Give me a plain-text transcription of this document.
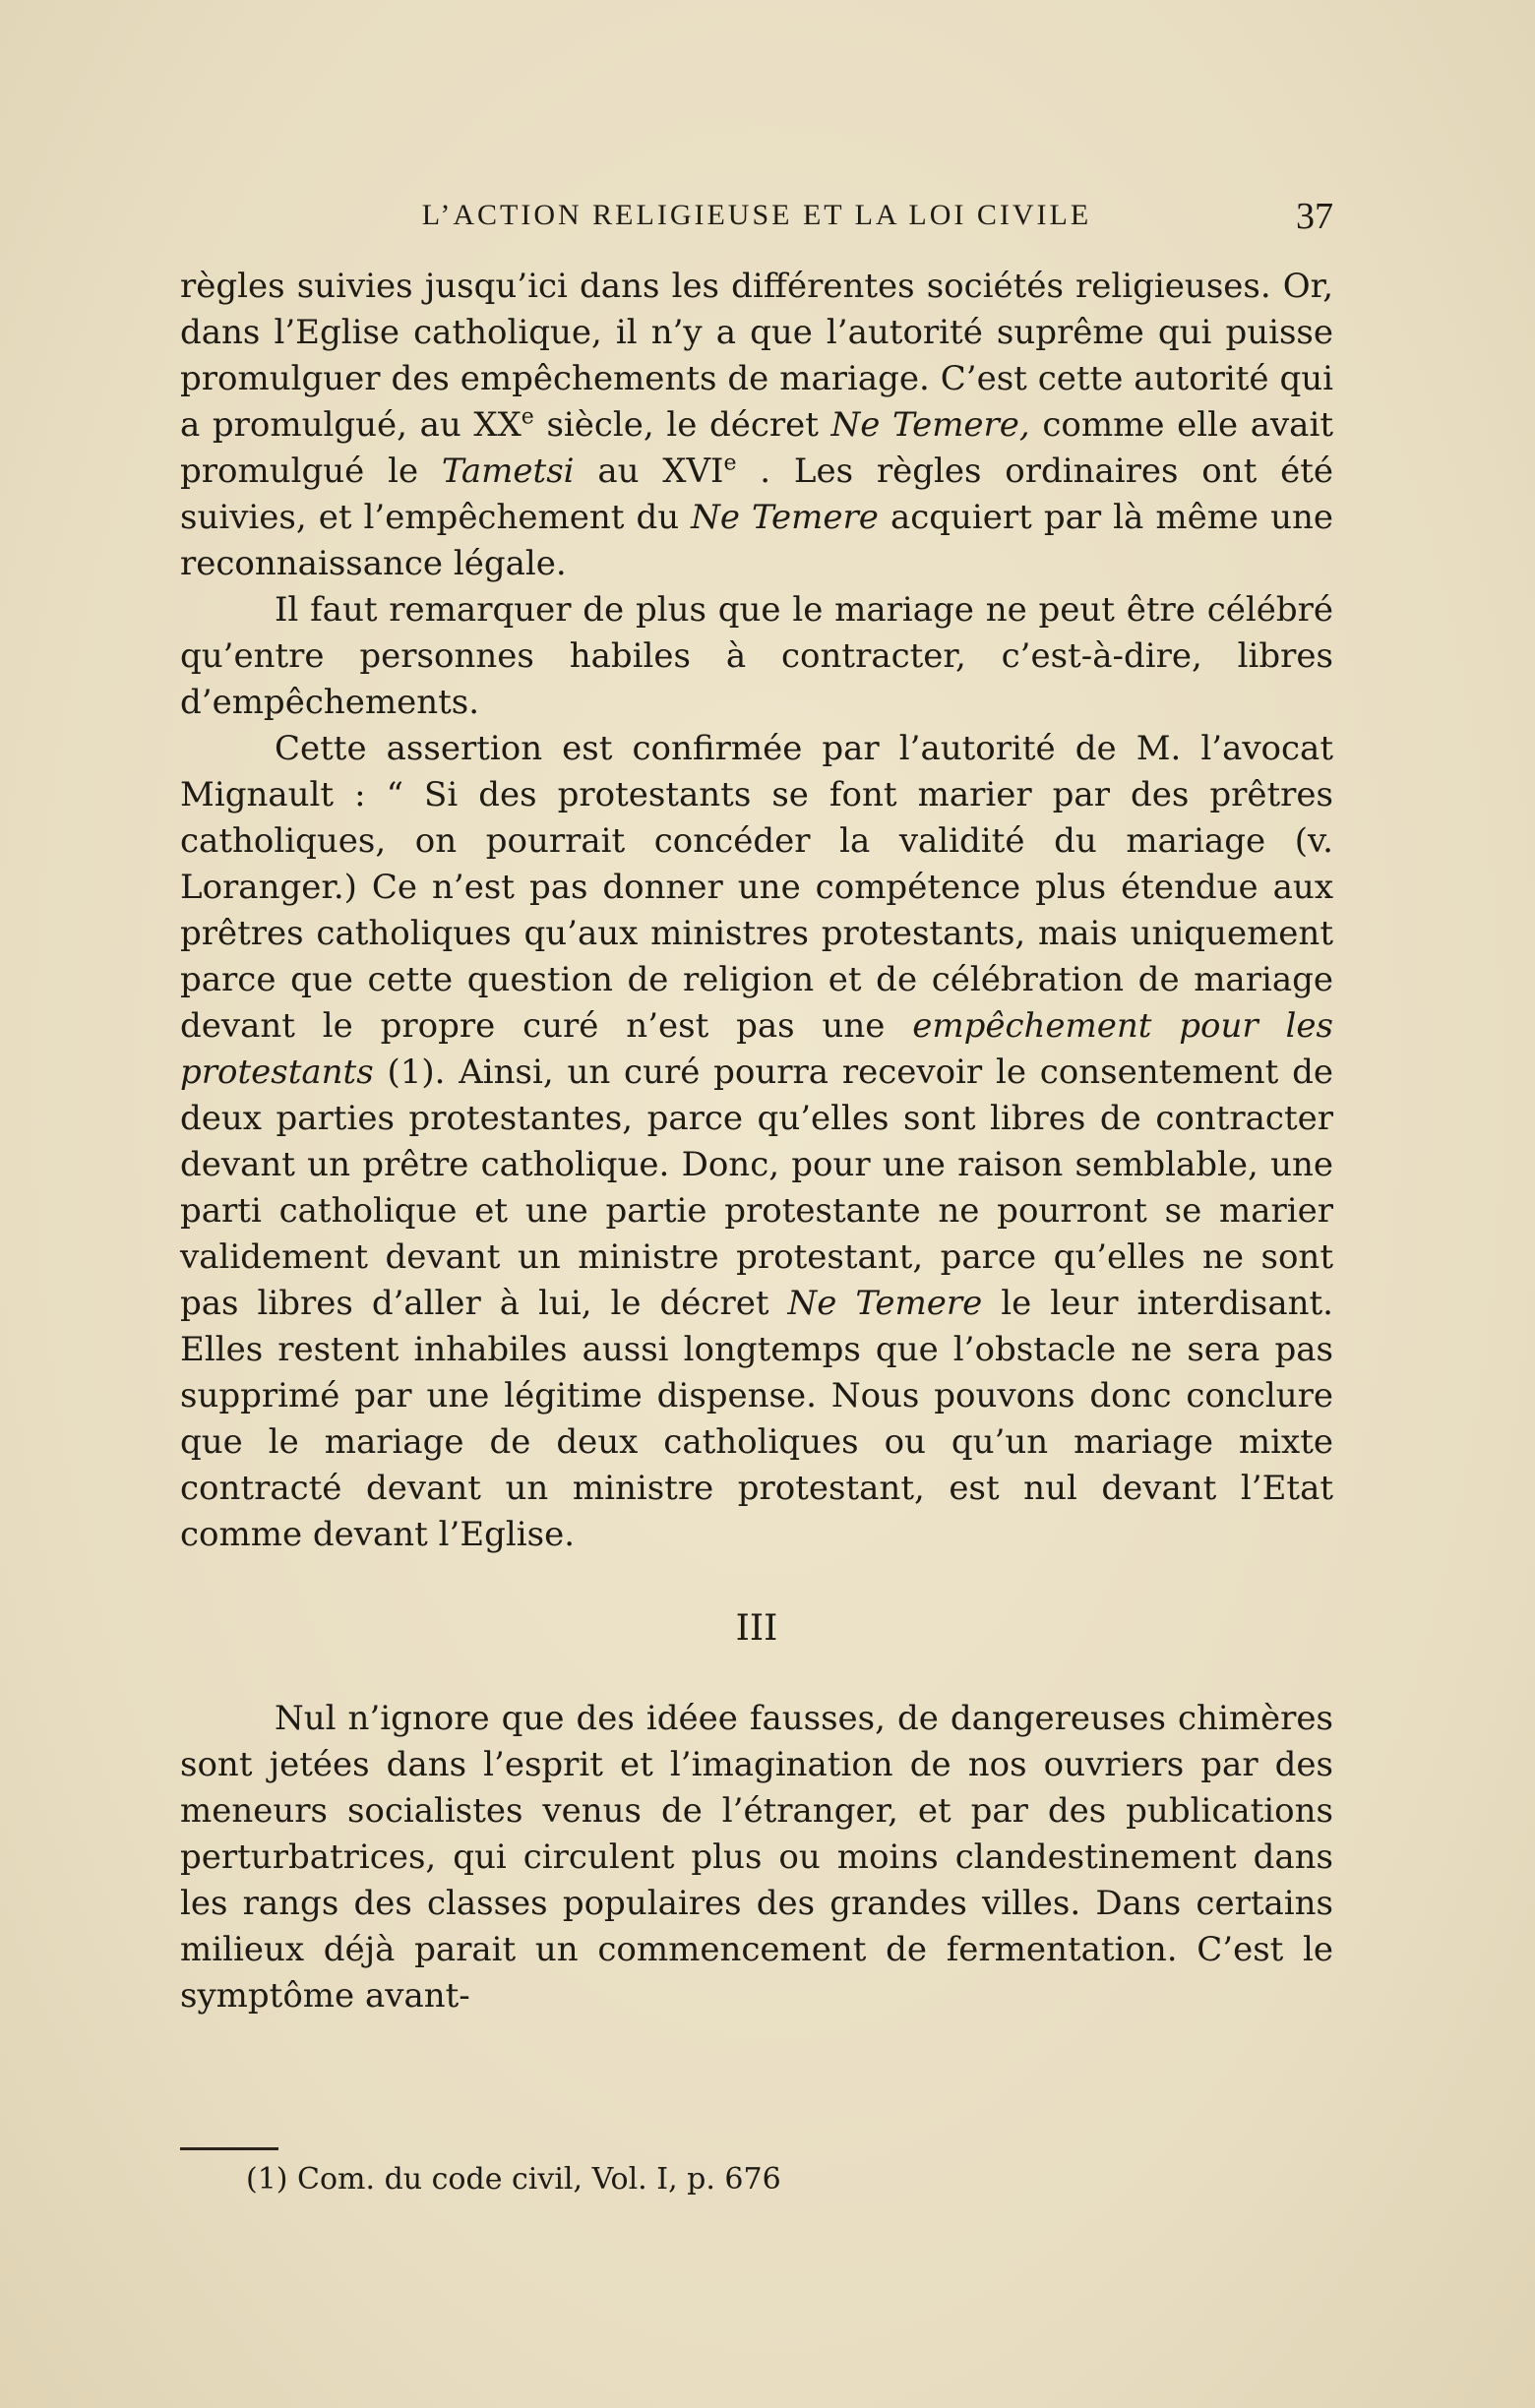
L’ACTION RELIGIEUSE ET LA LOI CIVILE	37

règles suivies jusqu’ici dans les différentes sociétés religieuses. Or, dans l’Eglise catholique, il n’y a que l’autorité suprême qui puisse promulguer des empêchements de mariage. C’est cette autorité qui a promulgué, au XXe siècle, le décret Ne Temere, comme elle avait promulgué le Tametsi au XVIe . Les règles ordinaires ont été suivies, et l’empêchement du Ne Temere acquiert par là même une reconnaissance légale.

Il faut remarquer de plus que le mariage ne peut être célébré qu’entre personnes habiles à contracter, c’est-à-dire, libres d’empêchements.

Cette assertion est confirmée par l’autorité de M. l’avocat Mignault : “ Si des protestants se font marier par des prêtres catholiques, on pourrait concéder la validité du mariage (v. Loranger.) Ce n’est pas donner une compétence plus étendue aux prêtres catholiques qu’aux ministres protestants, mais uniquement parce que cette question de religion et de célébration de mariage devant le propre curé n’est pas une empêchement pour les protestants (1). Ainsi, un curé pourra recevoir le consentement de deux parties protestantes, parce qu’elles sont libres de contracter devant un prêtre catholique. Donc, pour une raison semblable, une parti catholique et une partie protestante ne pourront se marier validement devant un ministre protestant, parce qu’elles ne sont pas libres d’aller à lui, le décret Ne Temere le leur interdisant. Elles restent inhabiles aussi longtemps que l’obstacle ne sera pas supprimé par une légitime dispense. Nous pouvons donc conclure que le mariage de deux catholiques ou qu’un mariage mixte contracté devant un ministre protestant, est nul devant l’Etat comme devant l’Eglise.

III

Nul n’ignore que des idéee fausses, de dangereuses chimères sont jetées dans l’esprit et l’imagination de nos ouvriers par des meneurs socialistes venus de l’étranger, et par des publications perturbatrices, qui circulent plus ou moins clandestinement dans les rangs des classes populaires des grandes villes. Dans certains milieux déjà parait un commencement de fermentation. C’est le symptôme avant-

(1) Com. du code civil, Vol. I, p. 676
